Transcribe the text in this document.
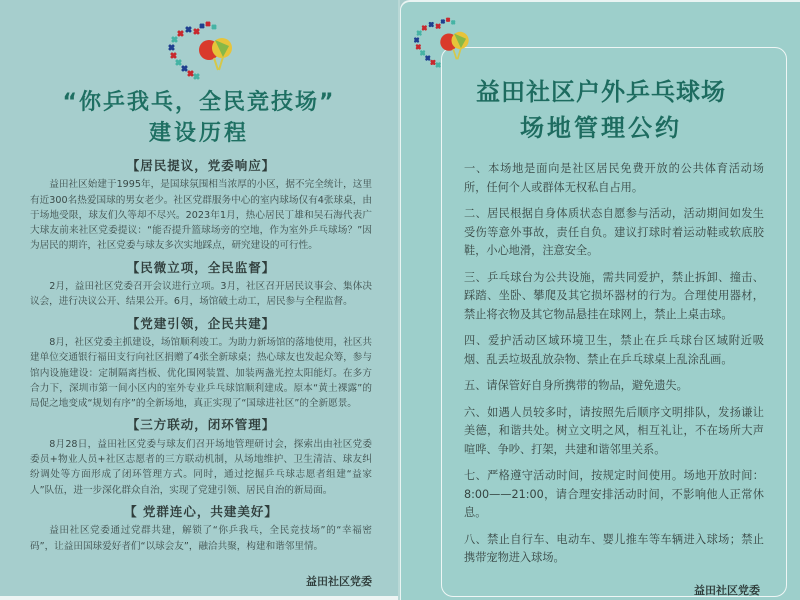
“你乒我乓，全民竞技场”
建设历程
【居民提议，党委响应】

益田社区始建于1995年，是国球氛围相当浓厚的小区，据不完全统计，这里有近300名热爱国球的男女老少。社区党群服务中心的室内球场仅有4张球桌，由于场地受限，球友们久等却不尽兴。2023年1月，热心居民丁雄和吴石海代表广大球友前来社区党委提议：“能否提升篮球场旁的空地，作为室外乒乓球场？”因为居民的期许，社区党委与球友多次实地踩点，研究建设的可行性。

【民微立项，全民监督】

2月，益田社区党委召开会议进行立项。3月，社区召开居民议事会、集体决议会，进行决议公开、结果公开。6月，场馆破土动工，居民参与全程监督。

【党建引领，企民共建】

8月，社区党委主抓建设，场馆顺利竣工。为助力新场馆的落地使用，社区共建单位交通银行福田支行向社区捐赠了4张全新球桌；热心球友也发起众筹，参与馆内设施建设：定制隔离挡板、优化围网装置、加装两盏光控太阳能灯。在多方合力下，深圳市第一间小区内的室外专业乒乓球馆顺利建成。原本“黄土裸露”的局促之地变成“规划有序”的全新场地，真正实现了“国球进社区”的全新愿景。

【三方联动，闭环管理】

8月28日，益田社区党委与球友们召开场地管理研讨会，探索出由社区党委委员+物业人员+社区志愿者的三方联动机制，从场地维护、卫生清洁、球友纠纷调处等方面形成了闭环管理方式。同时，通过挖掘乒乓球志愿者组建“益家人”队伍，进一步深化群众自治，实现了党建引领、居民自治的新局面。

【 党群连心，共建美好】

益田社区党委通过党群共建，解锁了“你乒我乓，全民竞技场”的“幸福密码”，让益田国球爱好者们“以球会友”，融洽共聚，构建和谐邻里情。

益田社区党委
益田社区户外乒乓球场
场地管理公约

一、本场地是面向是社区居民免费开放的公共体育活动场所，任何个人或群体无权私自占用。

二、居民根据自身体质状态自愿参与活动，活动期间如发生受伤等意外事故，责任自负。建议打球时着运动鞋或软底胶鞋，小心地滑，注意安全。

三、乒乓球台为公共设施，需共同爱护，禁止拆卸、撞击、踩踏、坐卧、攀爬及其它损坏器材的行为。合理使用器材，禁止将衣物及其它物品悬挂在球网上，禁止上桌击球。

四、爱护活动区域环境卫生，禁止在乒乓球台区域附近吸烟、乱丢垃圾乱放杂物、禁止在乒乓球桌上乱涂乱画。

五、请保管好自身所携带的物品，避免遗失。

六、如遇人员较多时，请按照先后顺序文明排队，发扬谦让美德，和谐共处。树立文明之风，相互礼让，不在场所大声喧哗、争吵、打架，共建和谐邻里关系。

七、严格遵守活动时间，按规定时间使用。场地开放时间：8:00——21:00，请合理安排活动时间，不影响他人正常休息。

八、禁止自行车、电动车、婴儿推车等车辆进入球场；禁止携带宠物进入球场。

益田社区党委
